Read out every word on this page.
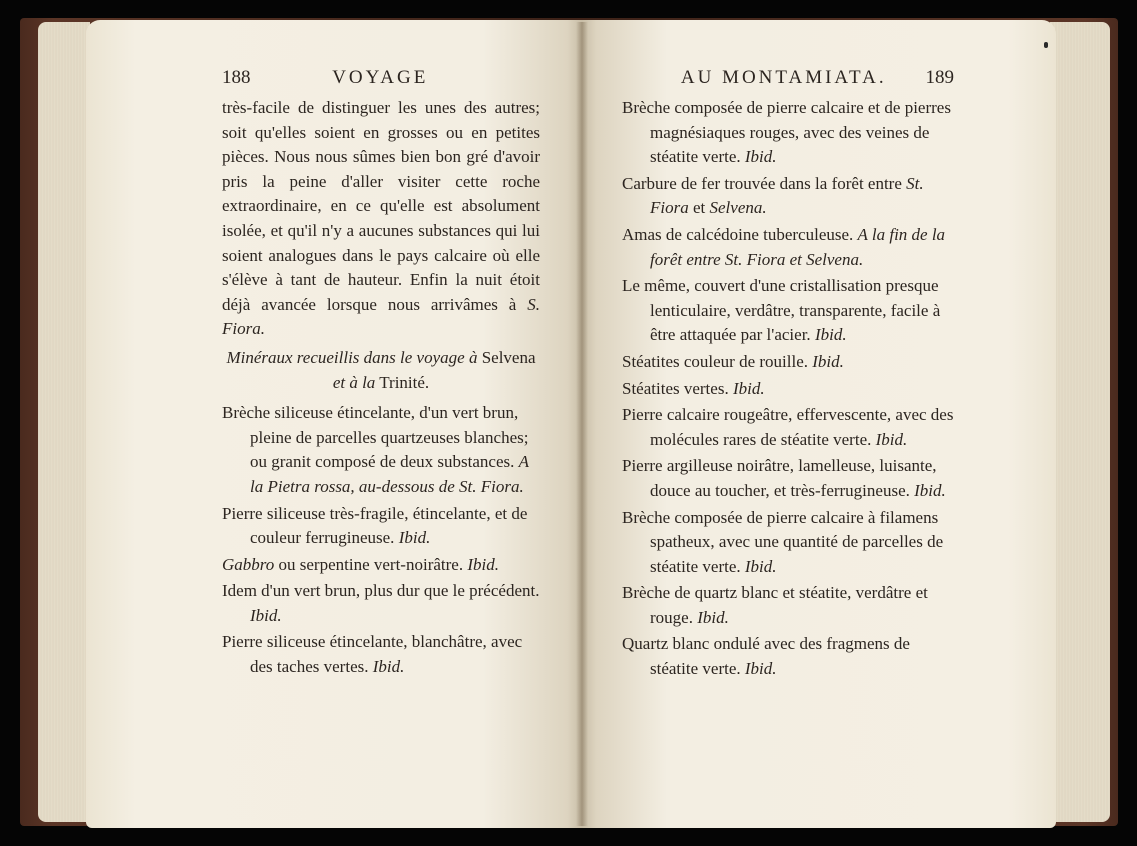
188	VOYAGE

très-facile de distinguer les unes des autres; soit qu'elles soient en grosses ou en petites pièces. Nous nous sûmes bien bon gré d'avoir pris la peine d'aller visiter cette roche extraordinaire, en ce qu'elle est absolument isolée, et qu'il n'y a aucunes substances qui lui soient analogues dans le pays calcaire où elle s'élève à tant de hauteur. Enfin la nuit étoit déjà avancée lorsque nous arrivâmes à S. Fiora.

Minéraux recueillis dans le voyage à Selvena
et à la Trinité.

Brèche siliceuse étincelante, d'un vert brun, pleine de parcelles quartzeuses blanches; ou granit composé de deux substances. A la Pietra rossa, au-dessous de St. Fiora.

Pierre siliceuse très-fragile, étincelante, et de couleur ferrugineuse. Ibid.

Gabbro ou serpentine vert-noirâtre. Ibid.

Idem d'un vert brun, plus dur que le précédent. Ibid.

Pierre siliceuse étincelante, blanchâtre, avec des taches vertes. Ibid.

AU MONTAMIATA. 189

Brèche composée de pierre calcaire et de pierres magnésiaques rouges, avec des veines de stéatite verte. Ibid.

Carbure de fer trouvée dans la forêt entre St. Fiora et Selvena.

Amas de calcédoine tuberculeuse. A la fin de la forêt entre St. Fiora et Selvena.

Le même, couvert d'une cristallisation presque lenticulaire, verdâtre, transparente, facile à être attaquée par l'acier. Ibid.

Stéatites couleur de rouille. Ibid.

Stéatites vertes. Ibid.

Pierre calcaire rougeâtre, effervescente, avec des molécules rares de stéatite verte. Ibid.

Pierre argilleuse noirâtre, lamelleuse, luisante, douce au toucher, et très-ferrugineuse. Ibid.

Brèche composée de pierre calcaire à filamens spatheux, avec une quantité de parcelles de stéatite verte. Ibid.

Brèche de quartz blanc et stéatite, verdâtre et rouge. Ibid.

Quartz blanc ondulé avec des fragmens de stéatite verte. Ibid.
